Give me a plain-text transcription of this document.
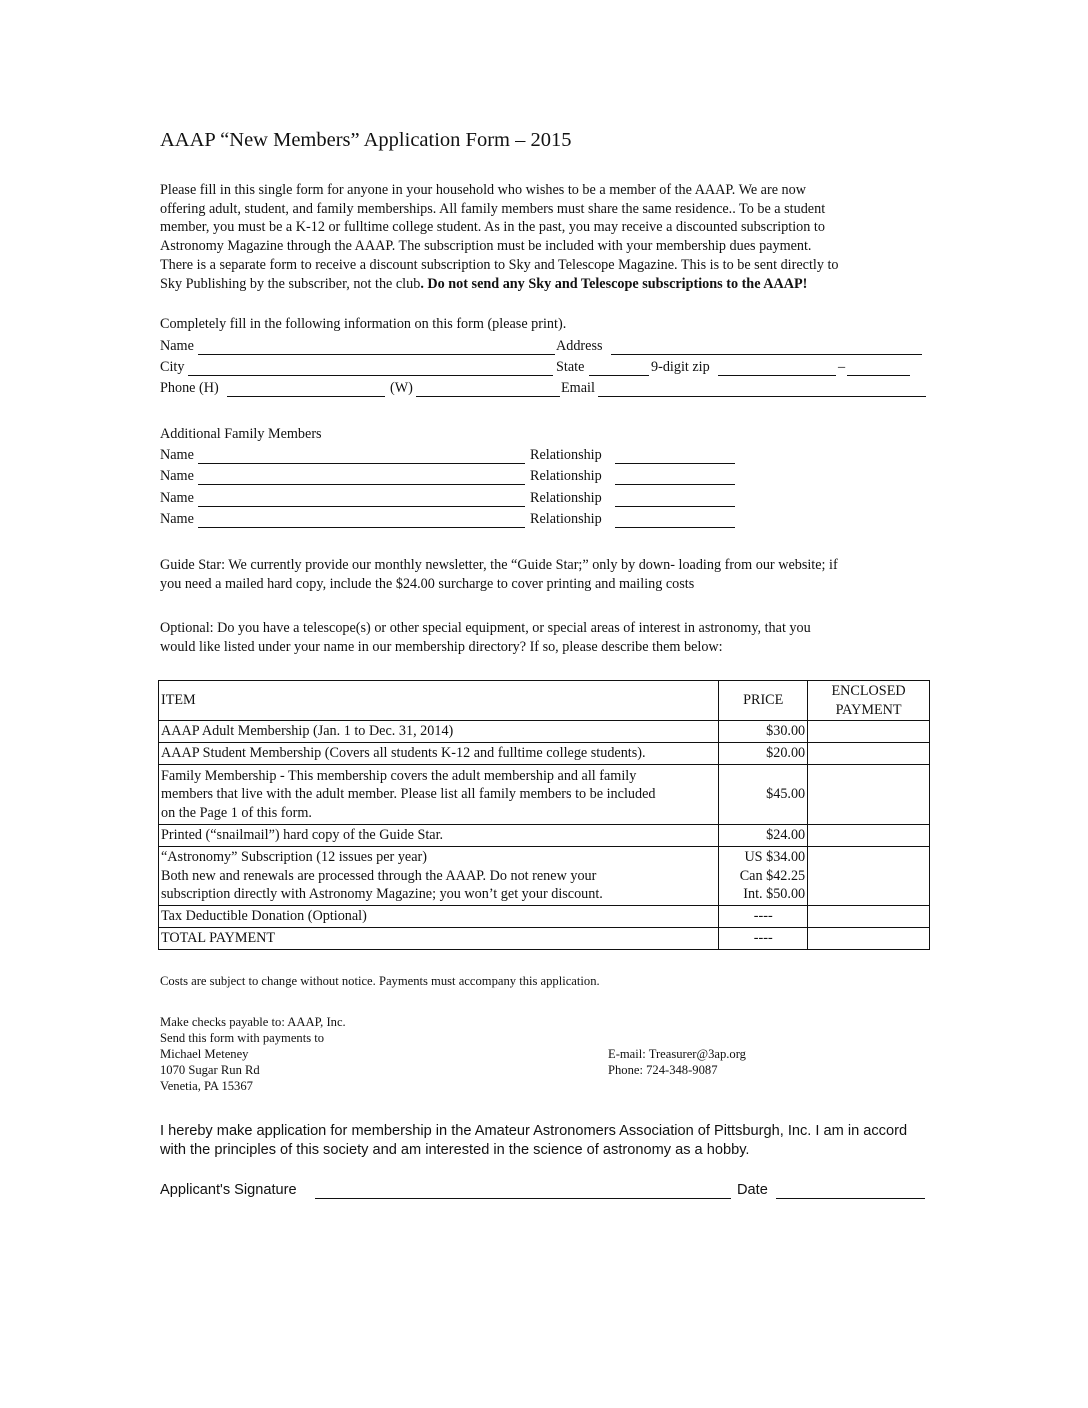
AAAP “New Members” Application Form – 2015
Please fill in this single form for anyone in your household who wishes to be a member of the AAAP. We are now
offering adult, student, and family memberships. All family members must share the same residence.. To be a student
member, you must be a K-12 or fulltime college student. As in the past, you may receive a discounted subscription to
Astronomy Magazine through the AAAP. The subscription must be included with your membership dues payment.
There is a separate form to receive a discount subscription to Sky and Telescope Magazine. This is to be sent directly to
Sky Publishing by the subscriber, not the club. Do not send any Sky and Telescope subscriptions to the AAAP!
Completely fill in the following information on this form (please print).
Name	Address
City	State	9-digit zip	–
Phone (H)	(W)	Email
Additional Family Members
Name	Relationship
Name	Relationship
Name	Relationship
Name	Relationship
Guide Star: We currently provide our monthly newsletter, the “Guide Star;” only by down- loading from our website; if
you need a mailed hard copy, include the $24.00 surcharge to cover printing and mailing costs
Optional: Do you have a telescope(s) or other special equipment, or special areas of interest in astronomy, that you
would like listed under your name in our membership directory? If so, please describe them below:
ITEM	PRICE	ENCLOSED
PAYMENT
AAAP Adult Membership (Jan. 1 to Dec. 31, 2014)	$30.00	
AAAP Student Membership (Covers all students K-12 and fulltime college students).	$20.00	
Family Membership - This membership covers the adult membership and all family
members that live with the adult member. Please list all family members to be included
on the Page 1 of this form.	$45.00	
Printed (“snailmail”) hard copy of the Guide Star.	$24.00	
“Astronomy” Subscription (12 issues per year)
Both new and renewals are processed through the AAAP. Do not renew your
subscription directly with Astronomy Magazine; you won’t get your discount.	US $34.00
Can $42.25
Int. $50.00	
Tax Deductible Donation (Optional)	----	
TOTAL PAYMENT	----	
Costs are subject to change without notice. Payments must accompany this application.
Make checks payable to: AAAP, Inc.
Send this form with payments to
Michael Meteney
1070 Sugar Run Rd
Venetia, PA 15367
E-mail: Treasurer@3ap.org
Phone: 724-348-9087
I hereby make application for membership in the Amateur Astronomers Association of Pittsburgh, Inc. I am in accord with the principles of this society and am interested in the science of astronomy as a hobby.
Applicant's Signature	Date
